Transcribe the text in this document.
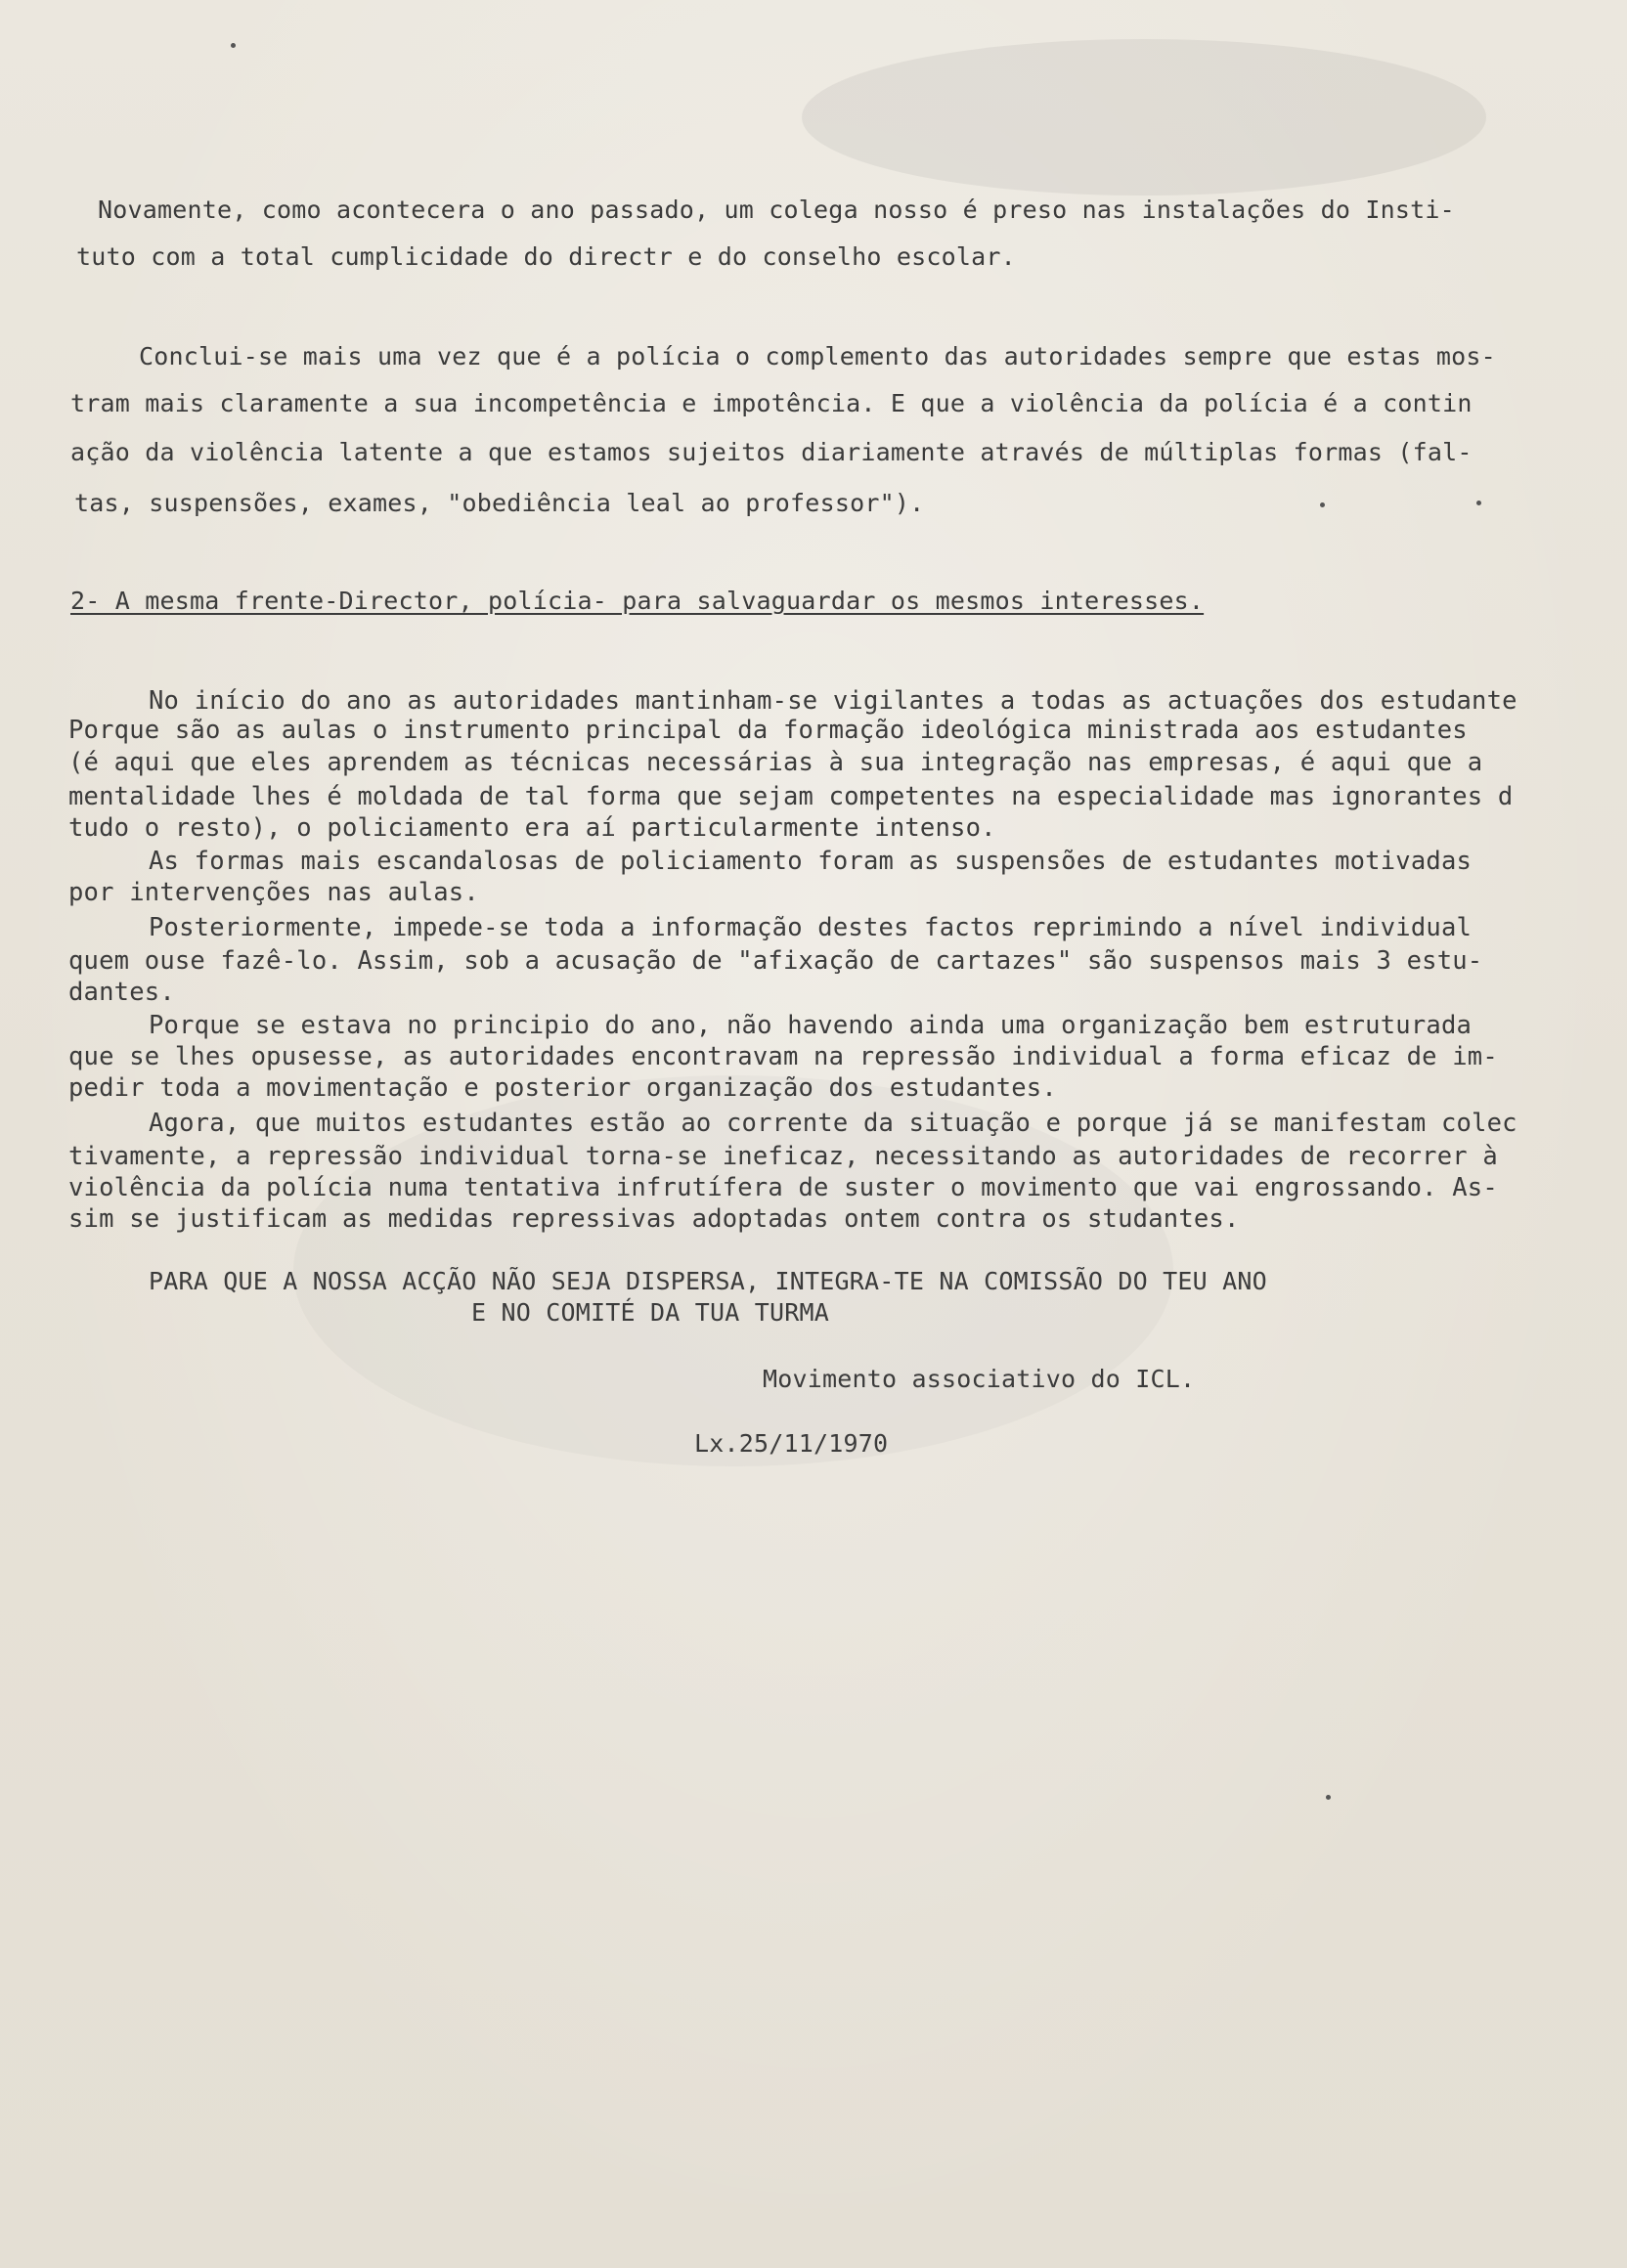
Novamente, como acontecera o ano passado, um colega nosso é preso nas instalações do Insti-
tuto com a total cumplicidade do directr e do conselho escolar.
Conclui-se mais uma vez que é a polícia o complemento das autoridades sempre que estas mos-
tram mais claramente a sua incompetência e impotência. E que a violência da polícia é a contin
ação da violência latente a que estamos sujeitos diariamente através de múltiplas formas (fal-
tas, suspensões, exames, "obediência leal ao professor").
2- A mesma frente-Director, polícia- para salvaguardar os mesmos interesses.
No início do ano as autoridades mantinham-se vigilantes a todas as actuações dos estudante
Porque são as aulas o instrumento principal da formação ideológica ministrada aos estudantes
(é aqui que eles aprendem as técnicas necessárias à sua integração nas empresas, é aqui que a
mentalidade lhes é moldada de tal forma que sejam competentes na especialidade mas ignorantes d
tudo o resto), o policiamento era aí particularmente intenso.
As formas mais escandalosas de policiamento foram as suspensões de estudantes motivadas
por intervenções nas aulas.
Posteriormente, impede-se toda a informação destes factos reprimindo a nível individual
quem ouse fazê-lo. Assim, sob a acusação de "afixação de cartazes" são suspensos mais 3 estu-
dantes.
Porque se estava no principio do ano, não havendo ainda uma organização bem estruturada
que se lhes opusesse, as autoridades encontravam na repressão individual a forma eficaz de im-
pedir toda a movimentação e posterior organização dos estudantes.
Agora, que muitos estudantes estão ao corrente da situação e porque já se manifestam colec
tivamente, a repressão individual torna-se ineficaz, necessitando as autoridades de recorrer à
violência da polícia numa tentativa infrutífera de suster o movimento que vai engrossando. As-
sim se justificam as medidas repressivas adoptadas ontem contra os studantes.
PARA QUE A NOSSA ACÇÃO NÃO SEJA DISPERSA, INTEGRA-TE NA COMISSÃO DO TEU ANO
E NO COMITÉ DA TUA TURMA
Movimento associativo do ICL.
Lx.25/11/1970
